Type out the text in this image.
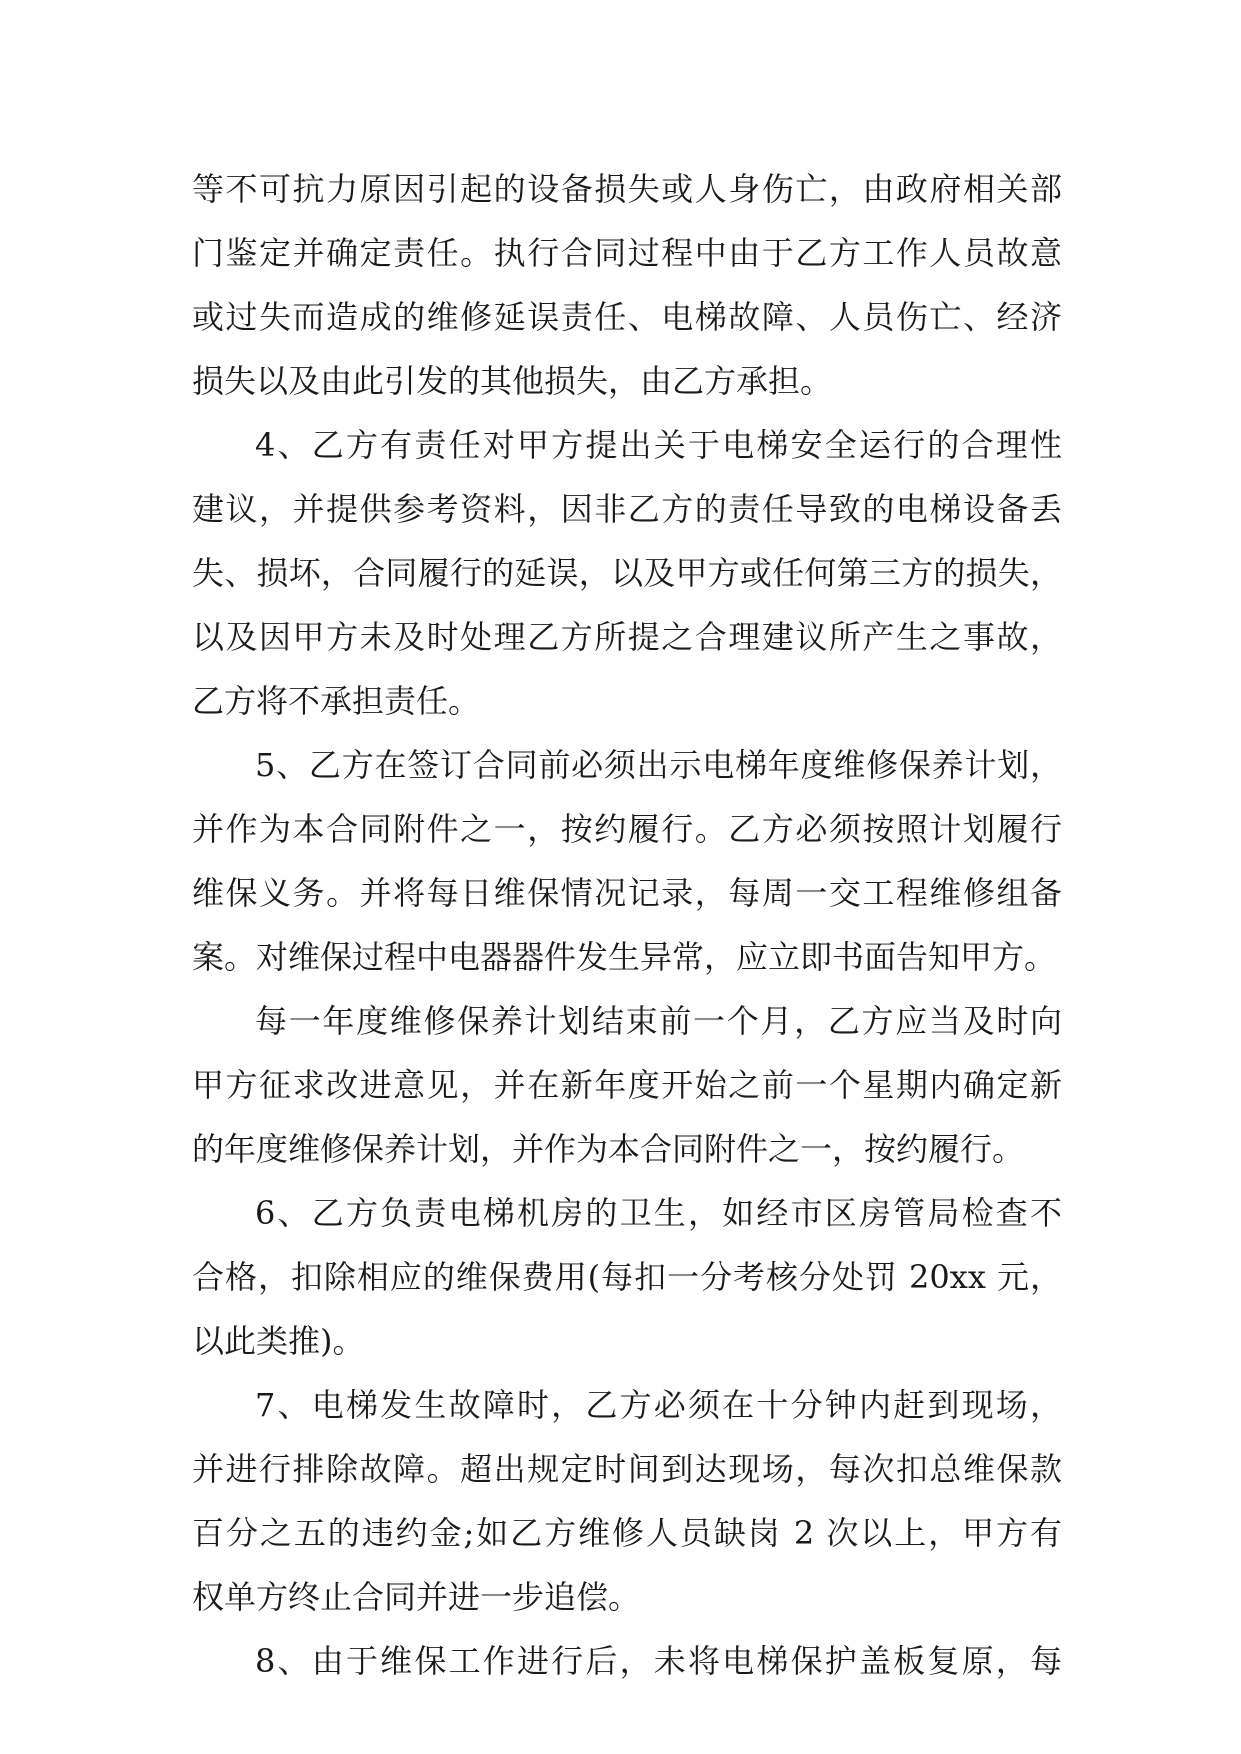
等不可抗力原因引起的设备损失或人身伤亡，由政府相关部
门鉴定并确定责任。执行合同过程中由于乙方工作人员故意
或过失而造成的维修延误责任、电梯故障、人员伤亡、经济
损失以及由此引发的其他损失，由乙方承担。
4、乙方有责任对甲方提出关于电梯安全运行的合理性
建议，并提供参考资料，因非乙方的责任导致的电梯设备丢
失、损坏，合同履行的延误，以及甲方或任何第三方的损失，
以及因甲方未及时处理乙方所提之合理建议所产生之事故，
乙方将不承担责任。
5、乙方在签订合同前必须出示电梯年度维修保养计划，
并作为本合同附件之一，按约履行。乙方必须按照计划履行
维保义务。并将每日维保情况记录，每周一交工程维修组备
案。对维保过程中电器器件发生异常，应立即书面告知甲方。
每一年度维修保养计划结束前一个月，乙方应当及时向
甲方征求改进意见，并在新年度开始之前一个星期内确定新
的年度维修保养计划，并作为本合同附件之一，按约履行。
6、乙方负责电梯机房的卫生，如经市区房管局检查不
合格，扣除相应的维保费用(每扣一分考核分处罚 20xx 元，
以此类推)。
7、电梯发生故障时，乙方必须在十分钟内赶到现场，
并进行排除故障。超出规定时间到达现场，每次扣总维保款
百分之五的违约金;如乙方维修人员缺岗 2 次以上，甲方有
权单方终止合同并进一步追偿。
8、由于维保工作进行后，未将电梯保护盖板复原，每
